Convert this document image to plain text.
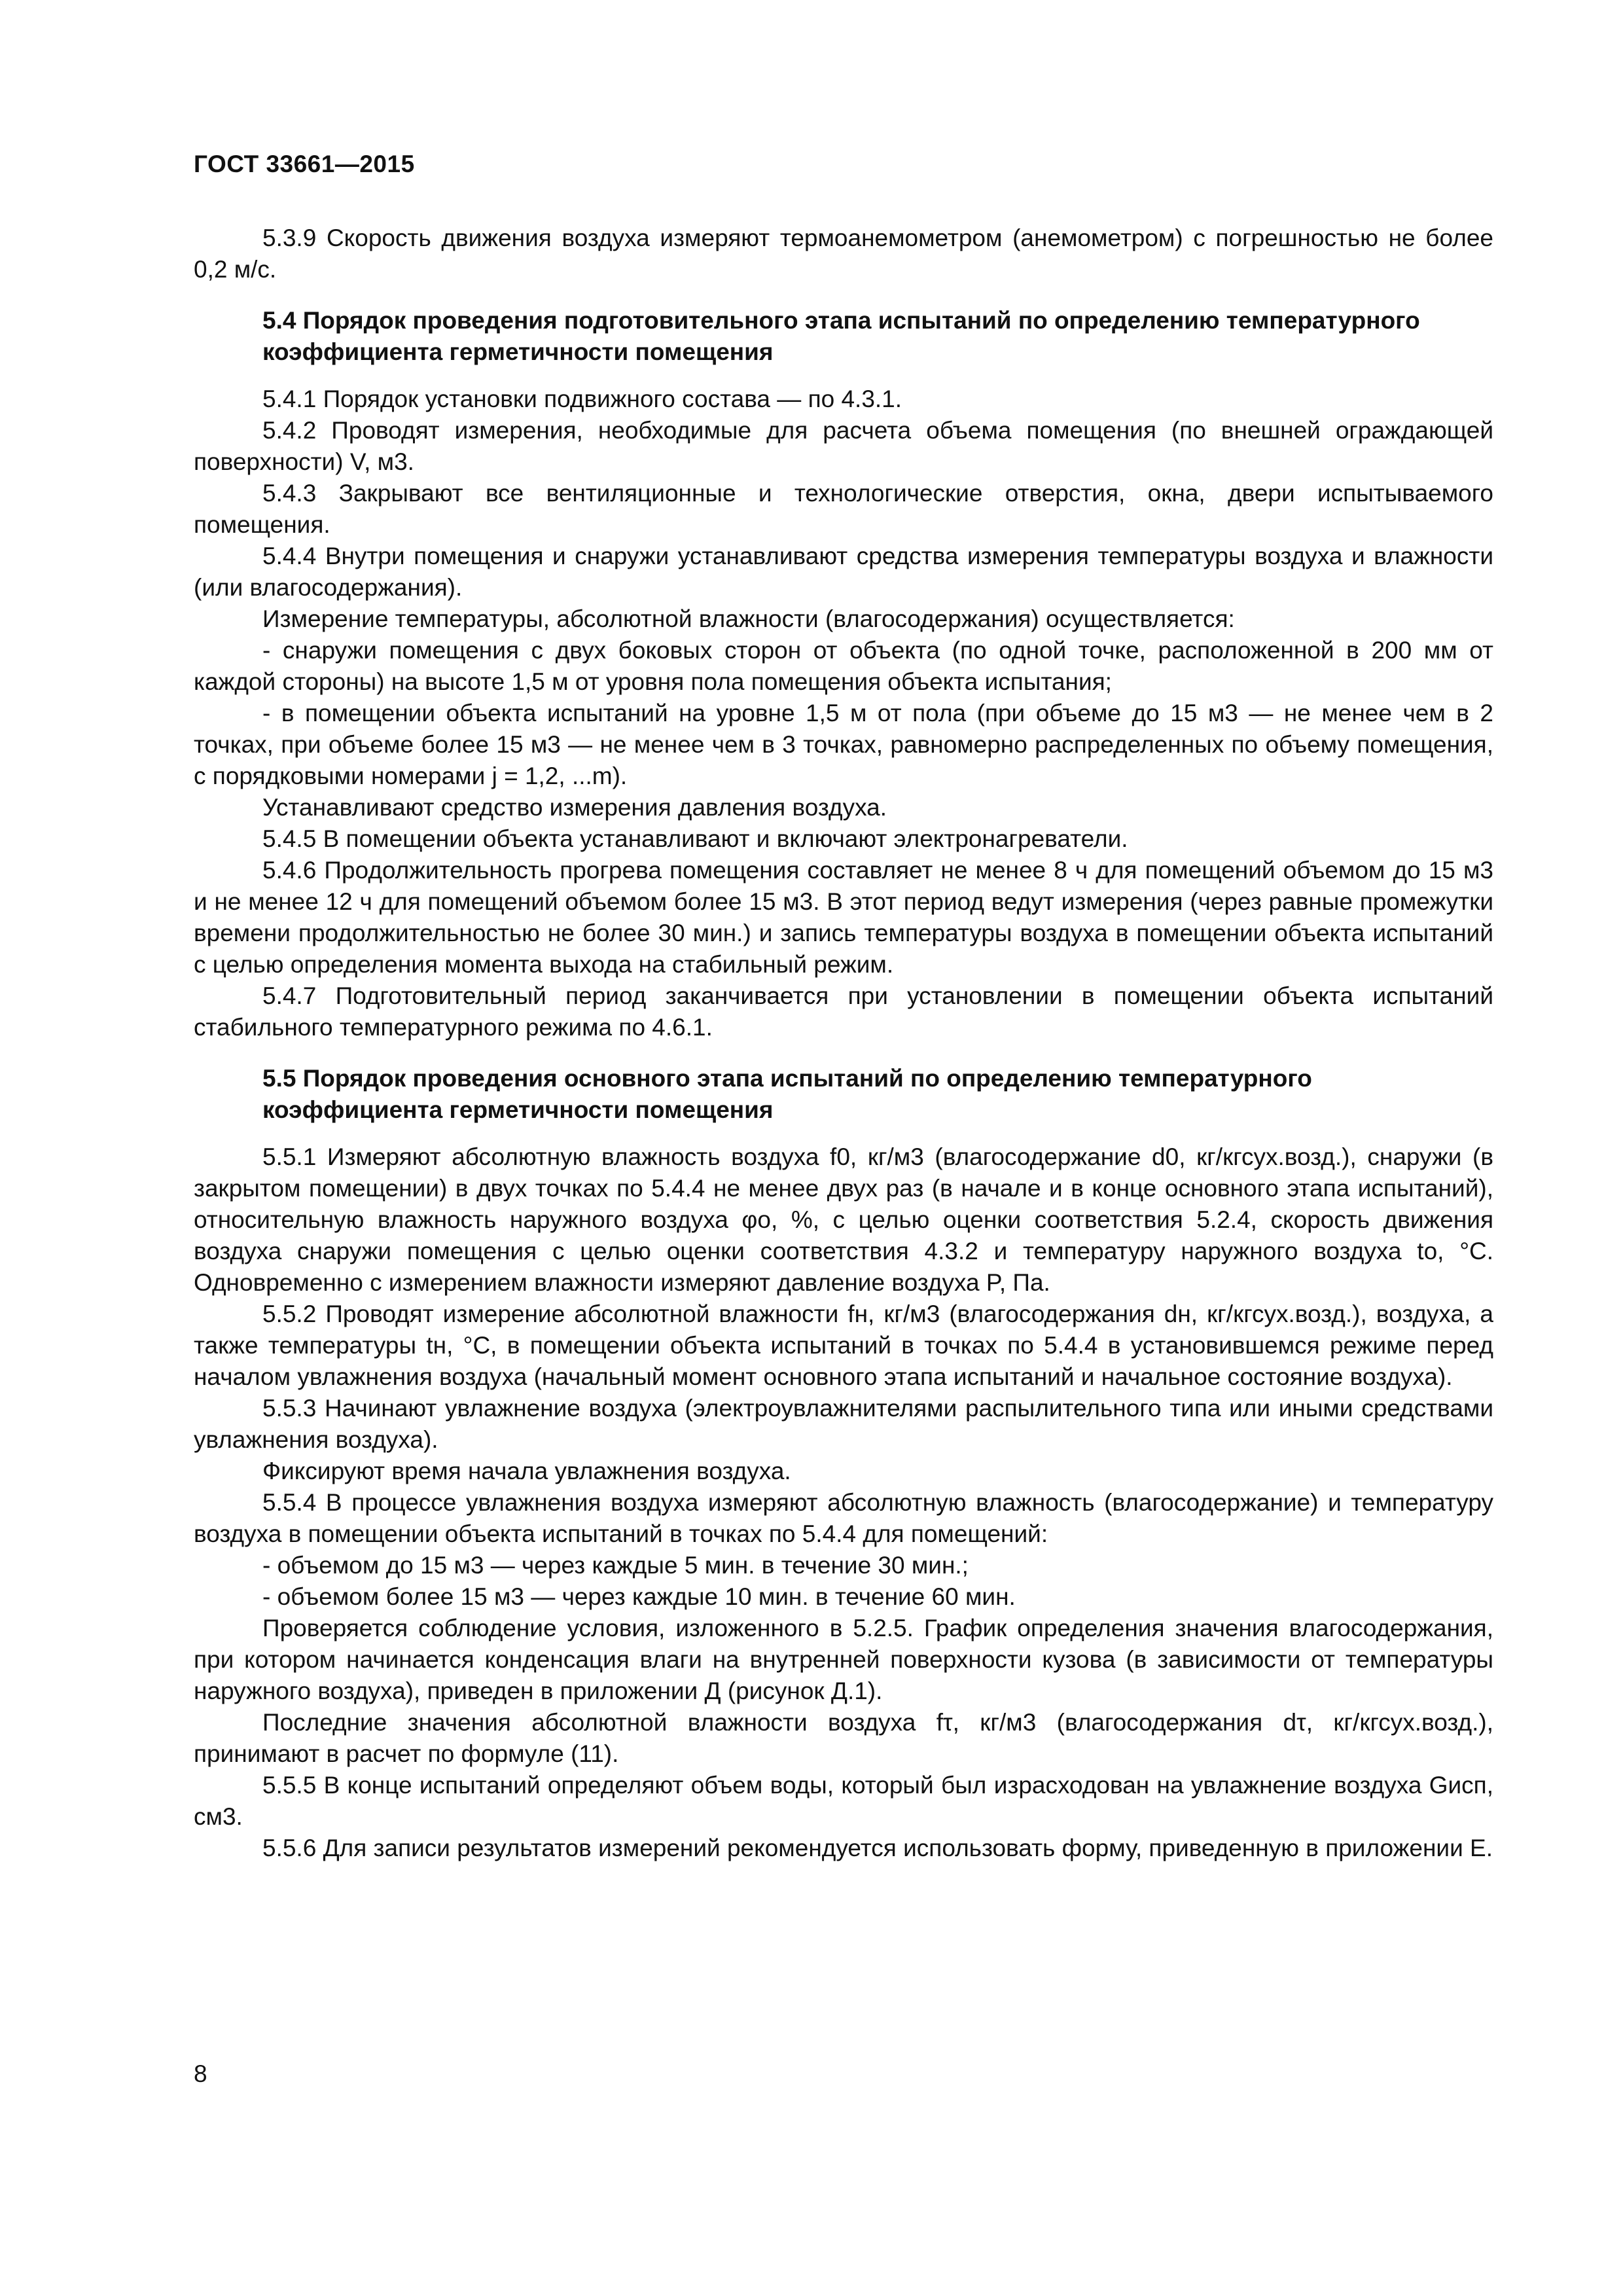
ГОСТ 33661—2015

5.3.9 Скорость движения воздуха измеряют термоанемометром (анемометром) с погрешностью не более 0,2 м/с.

5.4 Порядок проведения подготовительного этапа испытаний по определению температурного коэффициента герметичности помещения

5.4.1 Порядок установки подвижного состава — по 4.3.1.

5.4.2 Проводят измерения, необходимые для расчета объема помещения (по внешней ограждающей поверхности) V, м3.

5.4.3 Закрывают все вентиляционные и технологические отверстия, окна, двери испытываемого помещения.

5.4.4 Внутри помещения и снаружи устанавливают средства измерения температуры воздуха и влажности (или влагосодержания).

Измерение температуры, абсолютной влажности (влагосодержания) осуществляется:

- снаружи помещения с двух боковых сторон от объекта (по одной точке, расположенной в 200 мм от каждой стороны) на высоте 1,5 м от уровня пола помещения объекта испытания;

- в помещении объекта испытаний на уровне 1,5 м от пола (при объеме до 15 м3 — не менее чем в 2 точках, при объеме более 15 м3 — не менее чем в 3 точках, равномерно распределенных по объему помещения, с порядковыми номерами j = 1,2, ...m).

Устанавливают средство измерения давления воздуха.

5.4.5 В помещении объекта устанавливают и включают электронагреватели.

5.4.6 Продолжительность прогрева помещения составляет не менее 8 ч для помещений объемом до 15 м3 и не менее 12 ч для помещений объемом более 15 м3. В этот период ведут измерения (через равные промежутки времени продолжительностью не более 30 мин.) и запись температуры воздуха в помещении объекта испытаний с целью определения момента выхода на стабильный режим.

5.4.7 Подготовительный период заканчивается при установлении в помещении объекта испытаний стабильного температурного режима по 4.6.1.

5.5 Порядок проведения основного этапа испытаний по определению температурного коэффициента герметичности помещения

5.5.1 Измеряют абсолютную влажность воздуха f0, кг/м3 (влагосодержание d0, кг/кгсух.возд.), снаружи (в закрытом помещении) в двух точках по 5.4.4 не менее двух раз (в начале и в конце основного этапа испытаний), относительную влажность наружного воздуха φо, %, с целью оценки соответствия 5.2.4, скорость движения воздуха снаружи помещения с целью оценки соответствия 4.3.2 и температуру наружного воздуха tо, °С. Одновременно с измерением влажности измеряют давление воздуха P, Па.

5.5.2 Проводят измерение абсолютной влажности fн, кг/м3 (влагосодержания dн, кг/кгсух.возд.), воздуха, а также температуры tн, °С, в помещении объекта испытаний в точках по 5.4.4 в установившемся режиме перед началом увлажнения воздуха (начальный момент основного этапа испытаний и начальное состояние воздуха).

5.5.3 Начинают увлажнение воздуха (электроувлажнителями распылительного типа или иными средствами увлажнения воздуха).

Фиксируют время начала увлажнения воздуха.

5.5.4 В процессе увлажнения воздуха измеряют абсолютную влажность (влагосодержание) и температуру воздуха в помещении объекта испытаний в точках по 5.4.4 для помещений:

- объемом до 15 м3 — через каждые 5 мин. в течение 30 мин.;

- объемом более 15 м3 — через каждые 10 мин. в течение 60 мин.

Проверяется соблюдение условия, изложенного в 5.2.5. График определения значения влагосодержания, при котором начинается конденсация влаги на внутренней поверхности кузова (в зависимости от температуры наружного воздуха), приведен в приложении Д (рисунок Д.1).

Последние значения абсолютной влажности воздуха fτ, кг/м3 (влагосодержания dτ, кг/кгсух.возд.), принимают в расчет по формуле (11).

5.5.5 В конце испытаний определяют объем воды, который был израсходован на увлажнение воздуха Gисп, см3.

5.5.6 Для записи результатов измерений рекомендуется использовать форму, приведенную в приложении Е.

8
